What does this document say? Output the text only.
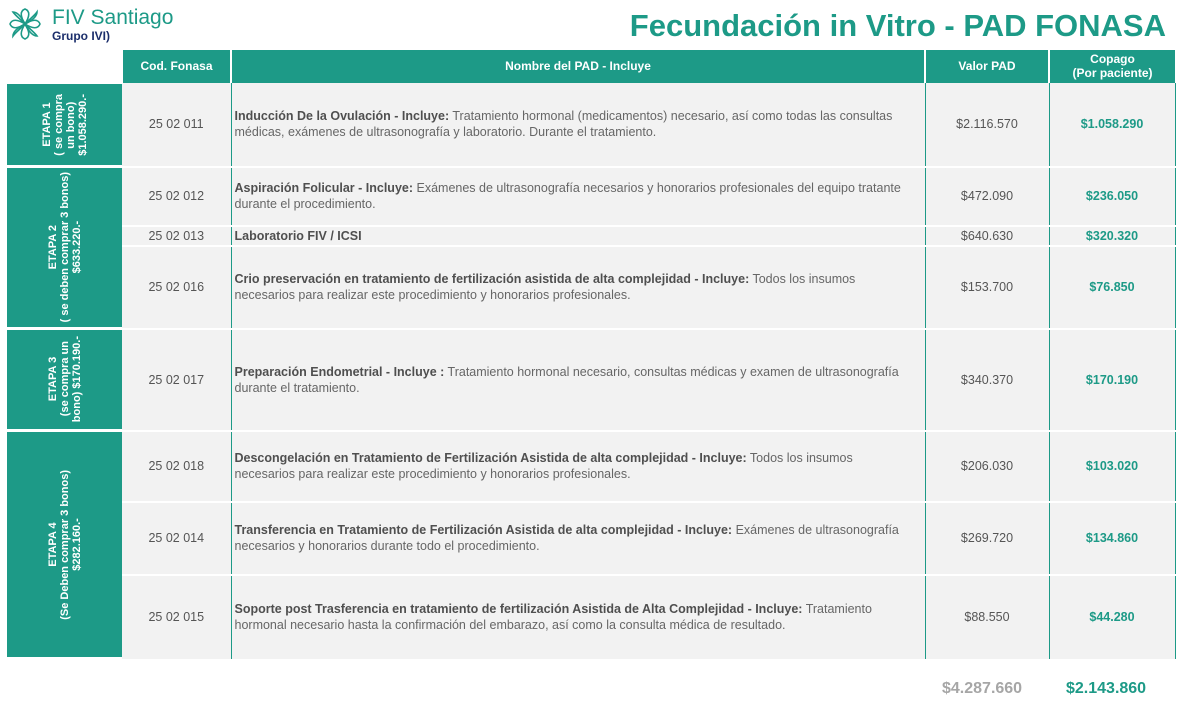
FIV Santiago
Grupo IVI)	Fecundación in Vitro - PAD FONASA
	Cod. Fonasa	Nombre del PAD - Incluye	Valor PAD	Copago
(Por paciente)

ETAPA 1
( se compra
un bono)
$1.058.290.-	25 02 011	Inducción De la Ovulación - Incluye: Tratamiento hormonal (medicamentos) necesario, así como todas las consultas médicas, exámenes de ultrasonografía y laboratorio. Durante el tratamiento.	$2.116.570	$1.058.290

ETAPA 2
( se deben comprar 3 bonos)
$633.220.-	25 02 012	Aspiración Folicular - Incluye: Exámenes de ultrasonografía necesarios y honorarios profesionales del equipo tratante durante el procedimiento.	$472.090	$236.050
	25 02 013	Laboratorio FIV / ICSI	$640.630	$320.320
	25 02 016	Crio preservación en tratamiento de fertilización asistida de alta complejidad - Incluye: Todos los insumos necesarios para realizar este procedimiento y honorarios profesionales.	$153.700	$76.850

ETAPA 3
(se compra un
bono) $170.190.-	25 02 017	Preparación Endometrial - Incluye : Tratamiento hormonal necesario, consultas médicas y examen de ultrasonografía durante el tratamiento.	$340.370	$170.190

ETAPA 4
(Se Deben comprar 3 bonos)
$282.160.-	25 02 018	Descongelación en Tratamiento de Fertilización Asistida de alta complejidad - Incluye: Todos los insumos necesarios para realizar este procedimiento y honorarios profesionales.	$206.030	$103.020
	25 02 014	Transferencia en Tratamiento de Fertilización Asistida de alta complejidad - Incluye: Exámenes de ultrasonografía necesarios y honorarios durante todo el procedimiento.	$269.720	$134.860
	25 02 015	Soporte post Trasferencia en tratamiento de fertilización Asistida de Alta Complejidad - Incluye: Tratamiento hormonal necesario hasta la confirmación del embarazo, así como la consulta médica de resultado.	$88.550	$44.280
$4.287.660	$2.143.860
